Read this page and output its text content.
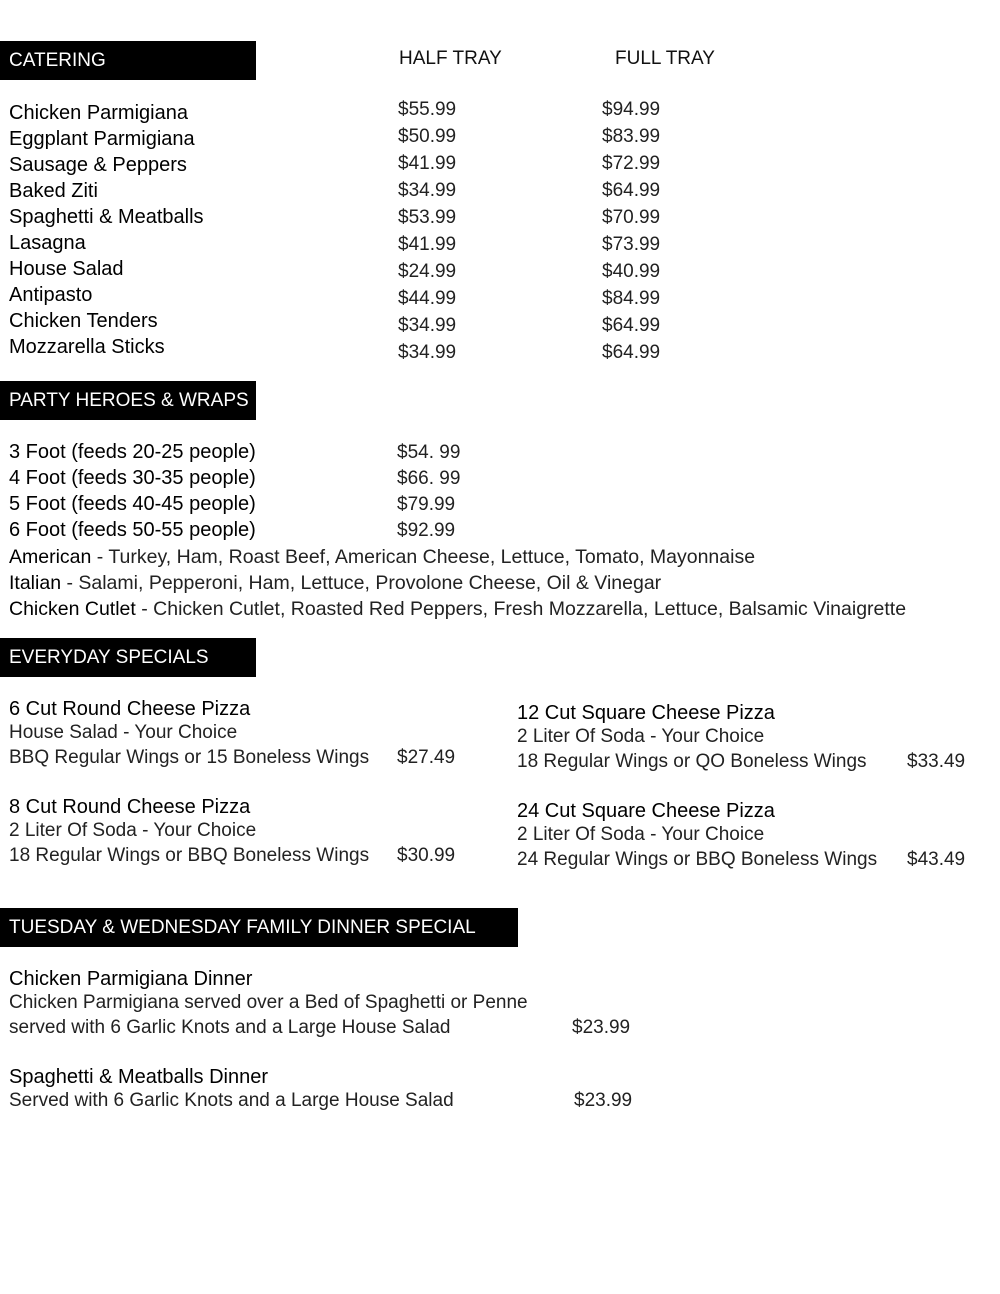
CATERING	HALF TRAY	FULL TRAY
Chicken Parmigiana	$55.99	$94.99
Eggplant Parmigiana	$50.99	$83.99
Sausage & Peppers	$41.99	$72.99
Baked Ziti	$34.99	$64.99
Spaghetti & Meatballs	$53.99	$70.99
Lasagna	$41.99	$73.99
House Salad	$24.99	$40.99
Antipasto	$44.99	$84.99
Chicken Tenders	$34.99	$64.99
Mozzarella Sticks	$34.99	$64.99
PARTY HEROES & WRAPS
3 Foot (feeds 20-25 people)	$54. 99
4 Foot (feeds 30-35 people)	$66. 99
5 Foot (feeds 40-45 people)	$79.99
6 Foot (feeds 50-55 people)	$92.99
American - Turkey, Ham, Roast Beef, American Cheese, Lettuce, Tomato, Mayonnaise
Italian - Salami, Pepperoni, Ham, Lettuce, Provolone Cheese, Oil & Vinegar
Chicken Cutlet - Chicken Cutlet, Roasted Red Peppers, Fresh Mozzarella, Lettuce, Balsamic Vinaigrette
EVERYDAY SPECIALS
6 Cut Round Cheese Pizza
House Salad - Your Choice
BBQ Regular Wings or 15 Boneless Wings $27.49
8 Cut Round Cheese Pizza
2 Liter Of Soda - Your Choice
18 Regular Wings or BBQ Boneless Wings $30.99
12 Cut Square Cheese Pizza
2 Liter Of Soda - Your Choice
18 Regular Wings or QO Boneless Wings $33.49
24 Cut Square Cheese Pizza
2 Liter Of Soda - Your Choice
24 Regular Wings or BBQ Boneless Wings $43.49
TUESDAY & WEDNESDAY FAMILY DINNER SPECIAL
Chicken Parmigiana Dinner
Chicken Parmigiana served over a Bed of Spaghetti or Penne
served with 6 Garlic Knots and a Large House Salad	$23.99
Spaghetti & Meatballs Dinner
Served with 6 Garlic Knots and a Large House Salad	$23.99
